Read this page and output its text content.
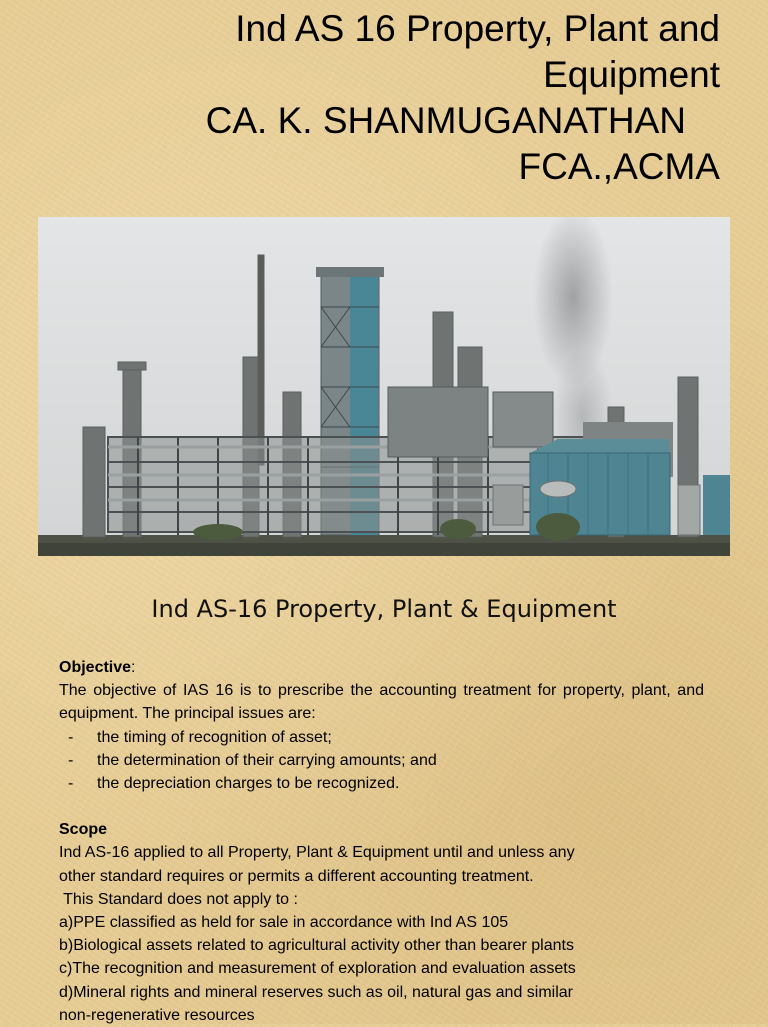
Ind AS 16 Property, Plant and
Equipment
CA. K. SHANMUGANATHAN
FCA.,ACMA
Ind AS-16 Property, Plant & Equipment

Objective:

The objective of IAS 16 is to prescribe the accounting treatment for property, plant, and equipment. The principal issues are:

- the timing of recognition of asset;
- the determination of their carrying amounts; and
- the depreciation charges to be recognized.

Scope

Ind AS-16 applied to all Property, Plant & Equipment until and unless any

other standard requires or permits a different accounting treatment.

This Standard does not apply to :

a)PPE classified as held for sale in accordance with Ind AS 105

b)Biological assets related to agricultural activity other than bearer plants

c)The recognition and measurement of exploration and evaluation assets

d)Mineral rights and mineral reserves such as oil, natural gas and similar

non-regenerative resources
